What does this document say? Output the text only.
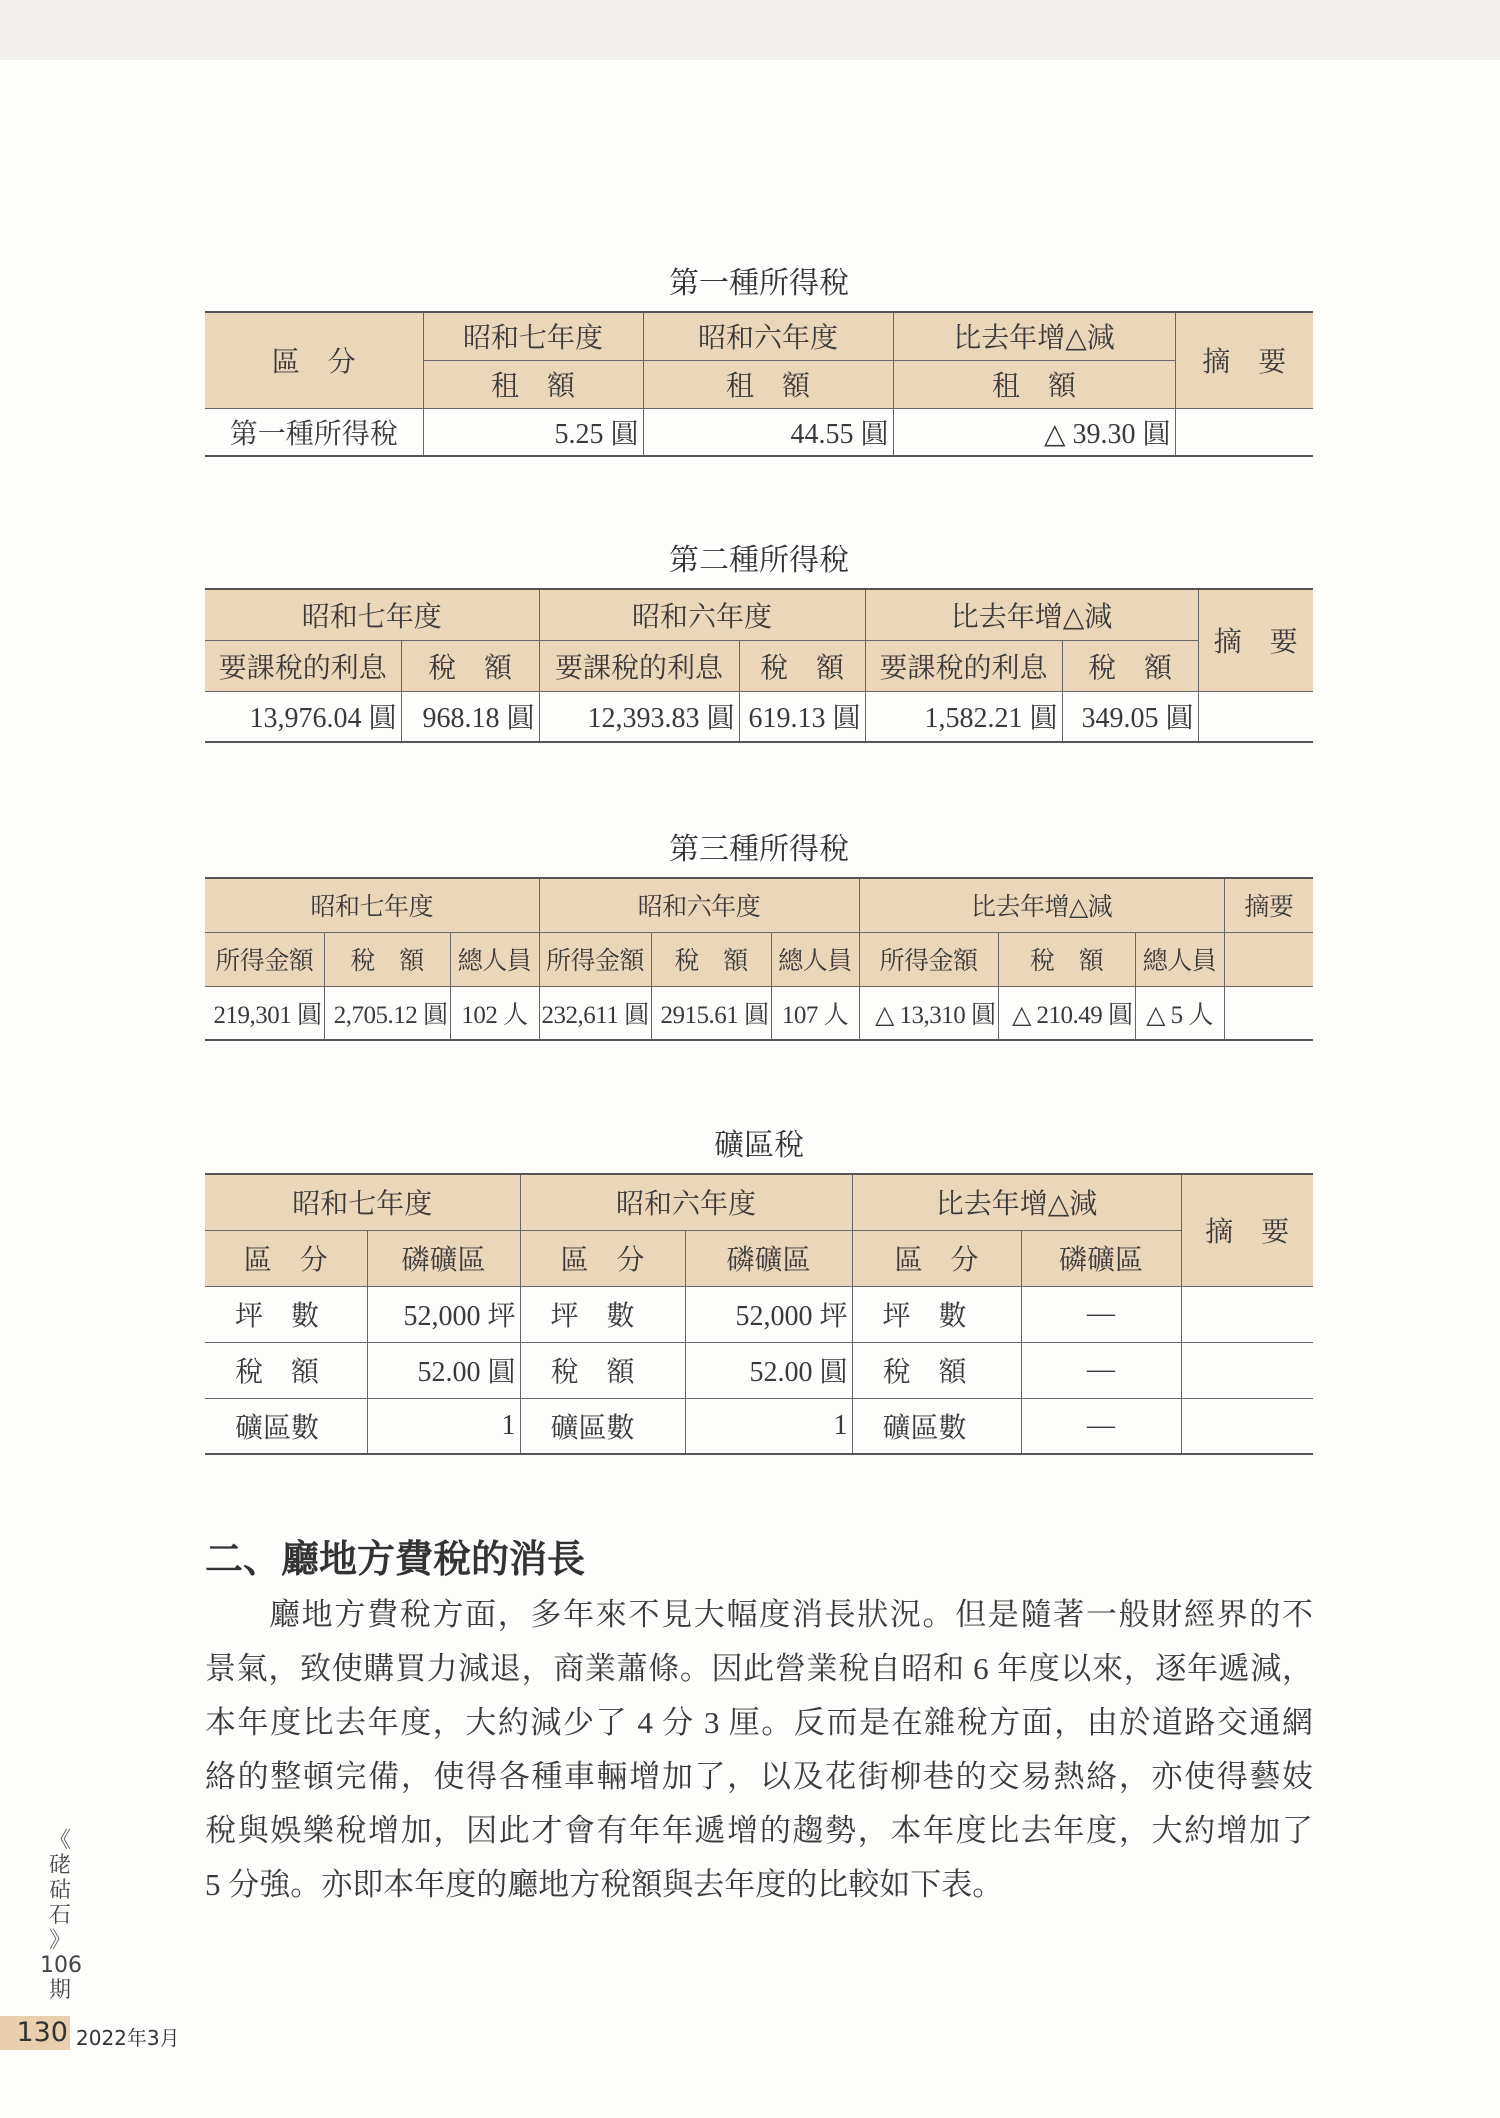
第一種所得稅
區　分	昭和七年度	昭和六年度	比去年增△減	摘　要
	租　額	租　額	租　額	
第一種所得稅	5.25 圓	44.55 圓	△ 39.30 圓	
第二種所得稅
昭和七年度		昭和六年度		比去年增△減		摘　要
要課稅的利息	稅　額	要課稅的利息	稅　額	要課稅的利息	稅　額	
13,976.04 圓	968.18 圓	12,393.83 圓	619.13 圓	1,582.21 圓	349.05 圓	
第三種所得稅
昭和七年度			昭和六年度			比去年增△減			摘要
所得金額	稅　額	總人員	所得金額	稅　額	總人員	所得金額	稅　額	總人員	
219,301 圓	2,705.12 圓	102 人	232,611 圓	2915.61 圓	107 人	△ 13,310 圓	△ 210.49 圓	△ 5 人	
礦區稅
昭和七年度		昭和六年度		比去年增△減		摘　要
區　分	磷礦區	區　分	磷礦區	區　分	磷礦區	
坪　數	52,000 坪	坪　數	52,000 坪	坪　數	—	
稅　額	52.00 圓	稅　額	52.00 圓	稅　額	—	
礦區數	1	礦區數	1	礦區數	—	
二、廳地方費稅的消長
廳地方費稅方面，多年來不見大幅度消長狀況。但是隨著一般財經界的不
景氣，致使購買力減退，商業蕭條。因此營業稅自昭和 6 年度以來，逐年遞減，
本年度比去年度，大約減少了 4 分 3 厘。反而是在雜稅方面，由於道路交通網
絡的整頓完備，使得各種車輛增加了，以及花街柳巷的交易熱絡，亦使得藝妓
稅與娛樂稅增加，因此才會有年年遞增的趨勢，本年度比去年度，大約增加了
5 分強。亦即本年度的廳地方稅額與去年度的比較如下表。
《
硓
𥑮
石
》
106
期
130 2022年3月
